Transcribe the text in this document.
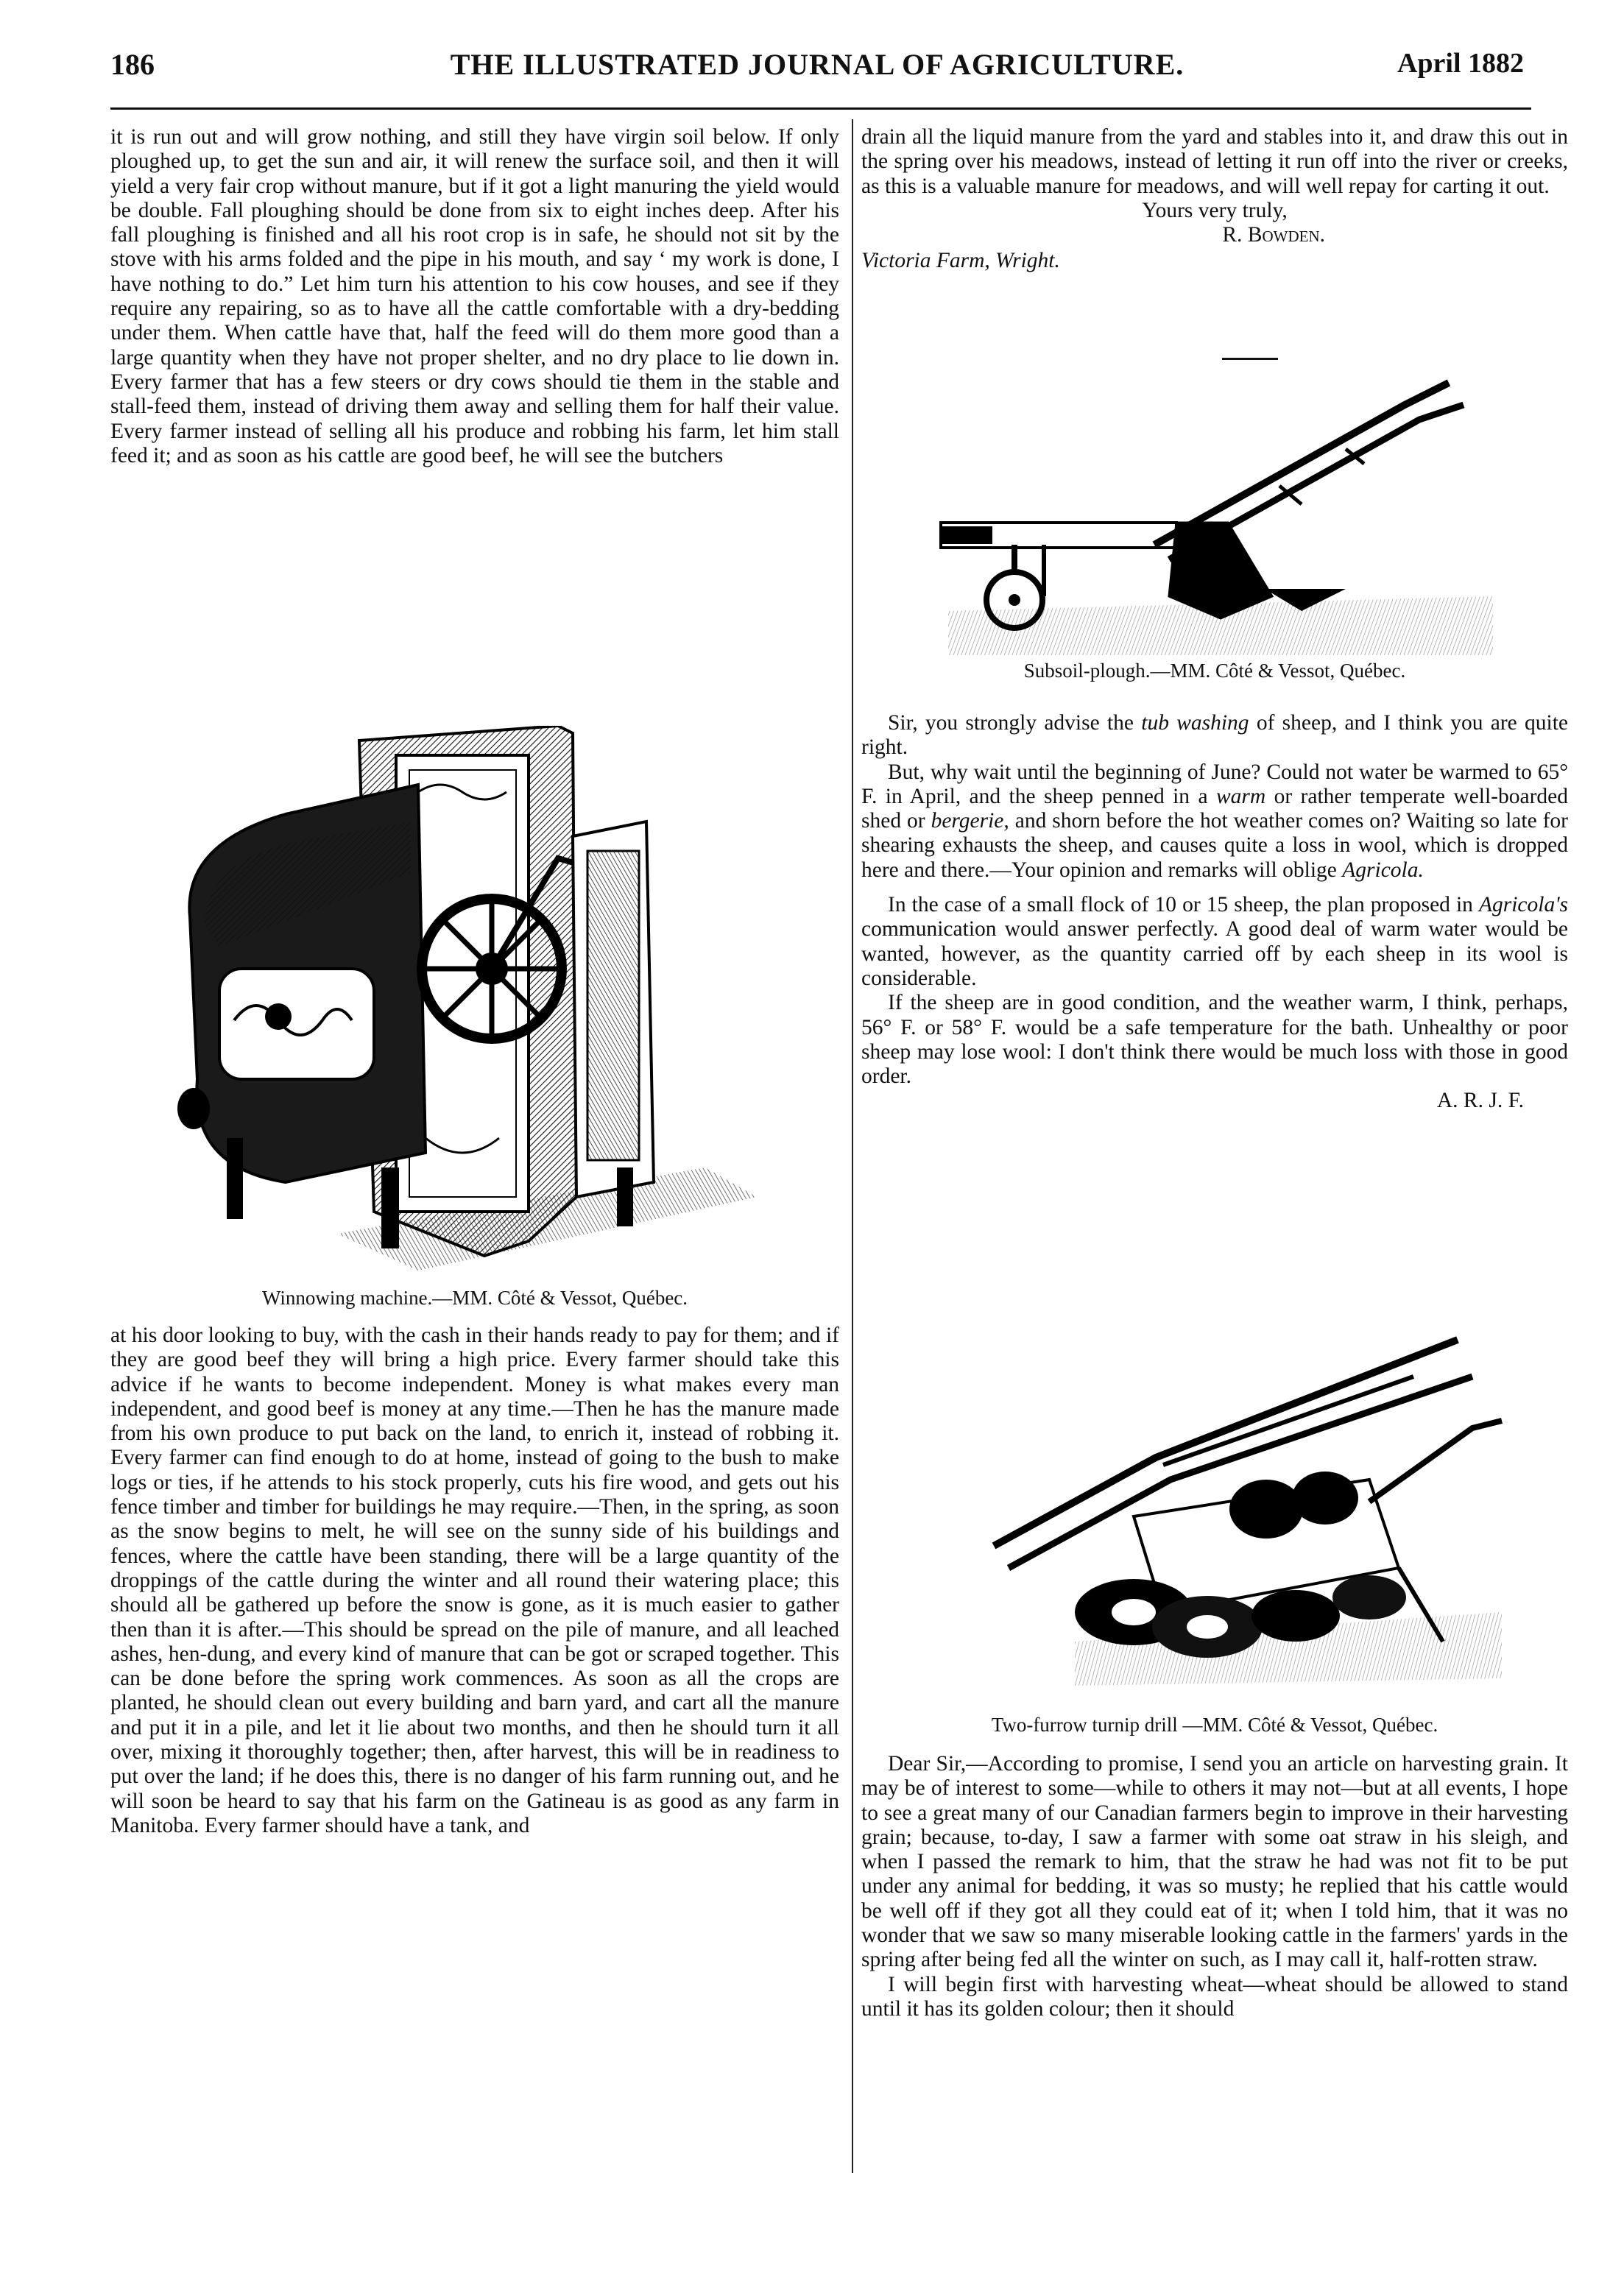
186	THE ILLUSTRATED JOURNAL OF AGRICULTURE.	April 1882

it is run out and will grow nothing, and still they have virgin soil below. If only ploughed up, to get the sun and air, it will renew the surface soil, and then it will yield a very fair crop without manure, but if it got a light manuring the yield would be double. Fall ploughing should be done from six to eight inches deep. After his fall ploughing is finished and all his root crop is in safe, he should not sit by the stove with his arms folded and the pipe in his mouth, and say ‘ my work is done, I have nothing to do.” Let him turn his attention to his cow houses, and see if they require any repairing, so as to have all the cattle comfortable with a dry-bedding under them. When cattle have that, half the feed will do them more good than a large quantity when they have not proper shelter, and no dry place to lie down in. Every farmer that has a few steers or dry cows should tie them in the stable and stall-feed them, instead of driving them away and selling them for half their value. Every farmer instead of selling all his produce and robbing his farm, let him stall feed it; and as soon as his cattle are good beef, he will see the butchers

Winnowing machine.—MM. Côté & Vessot, Québec.

at his door looking to buy, with the cash in their hands ready to pay for them; and if they are good beef they will bring a high price. Every farmer should take this advice if he wants to become independent. Money is what makes every man independent, and good beef is money at any time.—Then he has the manure made from his own produce to put back on the land, to enrich it, instead of robbing it. Every farmer can find enough to do at home, instead of going to the bush to make logs or ties, if he attends to his stock properly, cuts his fire wood, and gets out his fence timber and timber for buildings he may require.—Then, in the spring, as soon as the snow begins to melt, he will see on the sunny side of his buildings and fences, where the cattle have been standing, there will be a large quantity of the droppings of the cattle during the winter and all round their watering place; this should all be gathered up before the snow is gone, as it is much easier to gather then than it is after.—This should be spread on the pile of manure, and all leached ashes, hen-dung, and every kind of manure that can be got or scraped together. This can be done before the spring work commences. As soon as all the crops are planted, he should clean out every building and barn yard, and cart all the manure and put it in a pile, and let it lie about two months, and then he should turn it all over, mixing it thoroughly together; then, after harvest, this will be in readiness to put over the land; if he does this, there is no danger of his farm running out, and he will soon be heard to say that his farm on the Gatineau is as good as any farm in Manitoba. Every farmer should have a tank, and

drain all the liquid manure from the yard and stables into it, and draw this out in the spring over his meadows, instead of letting it run off into the river or creeks, as this is a valuable manure for meadows, and will well repay for carting it out.

Yours very truly,

R. Bowden.

Victoria Farm, Wright.

Subsoil-plough.—MM. Côté & Vessot, Québec.

Sir, you strongly advise the tub washing of sheep, and I think you are quite right.

But, why wait until the beginning of June? Could not water be warmed to 65° F. in April, and the sheep penned in a warm or rather temperate well-boarded shed or bergerie, and shorn before the hot weather comes on? Waiting so late for shearing exhausts the sheep, and causes quite a loss in wool, which is dropped here and there.—Your opinion and remarks will oblige Agricola.

In the case of a small flock of 10 or 15 sheep, the plan proposed in Agricola's communication would answer perfectly. A good deal of warm water would be wanted, however, as the quantity carried off by each sheep in its wool is considerable.

If the sheep are in good condition, and the weather warm, I think, perhaps, 56° F. or 58° F. would be a safe temperature for the bath. Unhealthy or poor sheep may lose wool: I don't think there would be much loss with those in good order.

A. R. J. F.

Two-furrow turnip drill —MM. Côté & Vessot, Québec.

Dear Sir,—According to promise, I send you an article on harvesting grain. It may be of interest to some—while to others it may not—but at all events, I hope to see a great many of our Canadian farmers begin to improve in their harvesting grain; because, to-day, I saw a farmer with some oat straw in his sleigh, and when I passed the remark to him, that the straw he had was not fit to be put under any animal for bedding, it was so musty; he replied that his cattle would be well off if they got all they could eat of it; when I told him, that it was no wonder that we saw so many miserable looking cattle in the farmers' yards in the spring after being fed all the winter on such, as I may call it, half-rotten straw.

I will begin first with harvesting wheat—wheat should be allowed to stand until it has its golden colour; then it should
